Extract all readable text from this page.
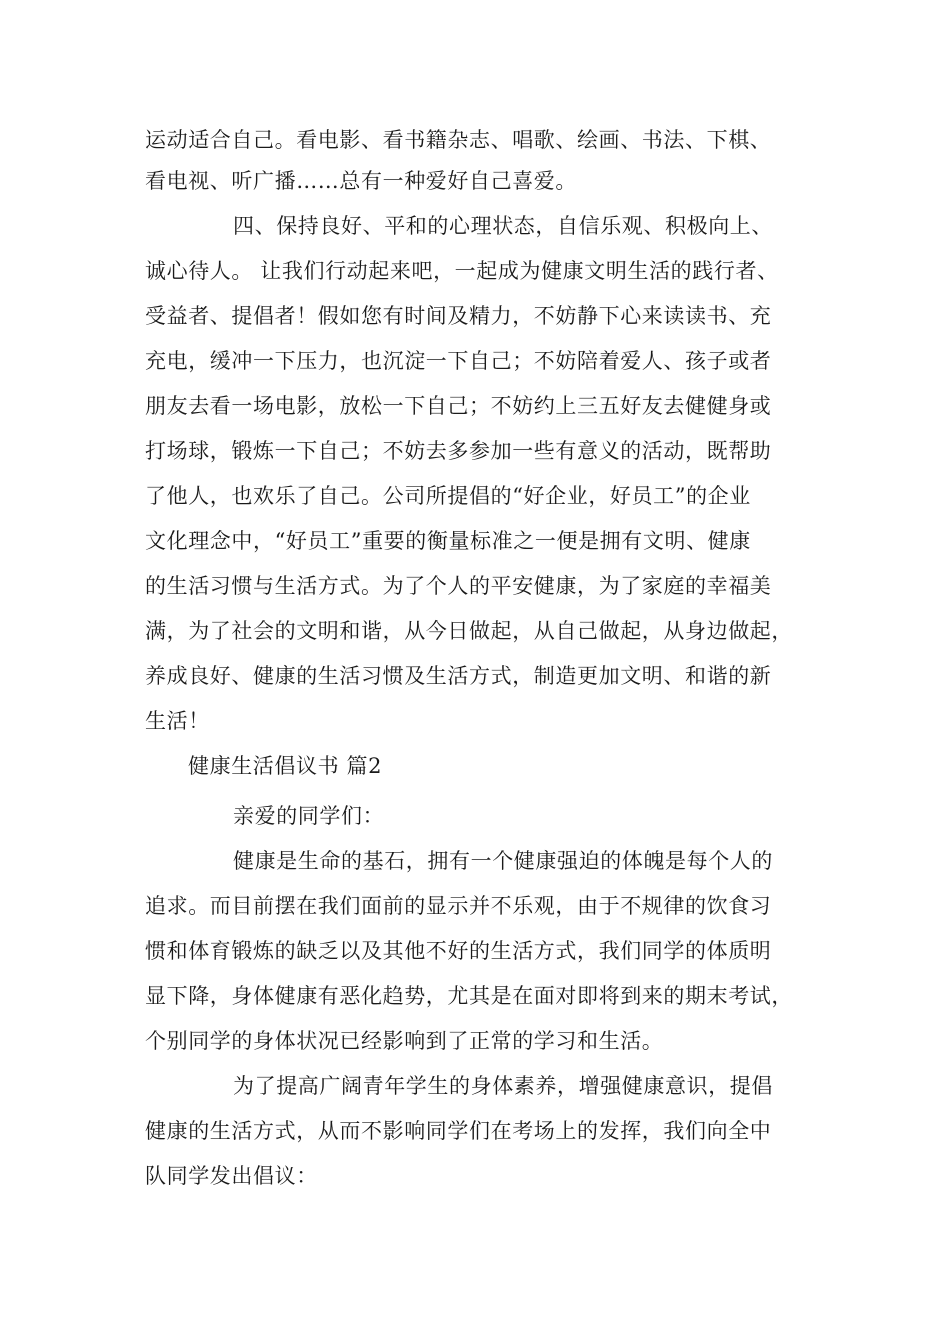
运动适合自己。看电影、看书籍杂志、唱歌、绘画、书法、下棋、
看电视、听广播……总有一种爱好自己喜爱。
四、保持良好、平和的心理状态，自信乐观、积极向上、
诚心待人。 让我们行动起来吧，一起成为健康文明生活的践行者、
受益者、提倡者！假如您有时间及精力，不妨静下心来读读书、充
充电，缓冲一下压力，也沉淀一下自己；不妨陪着爱人、孩子或者
朋友去看一场电影，放松一下自己；不妨约上三五好友去健健身或
打场球，锻炼一下自己；不妨去多参加一些有意义的活动，既帮助
了他人，也欢乐了自己。公司所提倡的“好企业，好员工”的企业
文化理念中，“好员工”重要的衡量标准之一便是拥有文明、健康
的生活习惯与生活方式。为了个人的平安健康，为了家庭的幸福美
满，为了社会的文明和谐，从今日做起，从自己做起，从身边做起，
养成良好、健康的生活习惯及生活方式，制造更加文明、和谐的新
生活！
健康生活倡议书 篇2
亲爱的同学们：
健康是生命的基石，拥有一个健康强迫的体魄是每个人的
追求。而目前摆在我们面前的显示并不乐观，由于不规律的饮食习
惯和体育锻炼的缺乏以及其他不好的生活方式，我们同学的体质明
显下降，身体健康有恶化趋势，尤其是在面对即将到来的期末考试，
个别同学的身体状况已经影响到了正常的学习和生活。
为了提高广阔青年学生的身体素养，增强健康意识，提倡
健康的生活方式，从而不影响同学们在考场上的发挥，我们向全中
队同学发出倡议：
